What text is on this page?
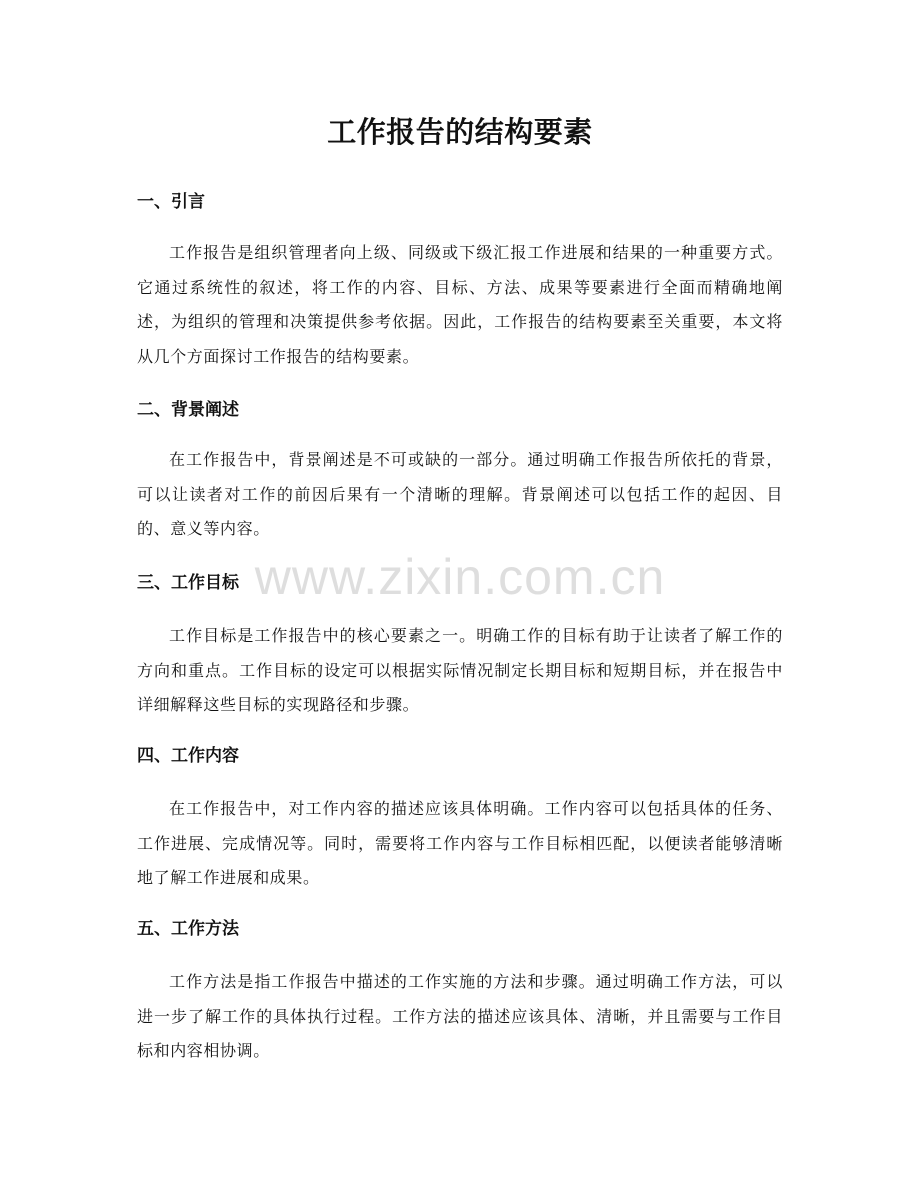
工作报告的结构要素
一、引言

工作报告是组织管理者向上级、同级或下级汇报工作进展和结果的一种重要方式。它通过系统性的叙述，将工作的内容、目标、方法、成果等要素进行全面而精确地阐述，为组织的管理和决策提供参考依据。因此，工作报告的结构要素至关重要，本文将从几个方面探讨工作报告的结构要素。

二、背景阐述

在工作报告中，背景阐述是不可或缺的一部分。通过明确工作报告所依托的背景，可以让读者对工作的前因后果有一个清晰的理解。背景阐述可以包括工作的起因、目的、意义等内容。

三、工作目标

工作目标是工作报告中的核心要素之一。明确工作的目标有助于让读者了解工作的方向和重点。工作目标的设定可以根据实际情况制定长期目标和短期目标，并在报告中详细解释这些目标的实现路径和步骤。

四、工作内容

在工作报告中，对工作内容的描述应该具体明确。工作内容可以包括具体的任务、工作进展、完成情况等。同时，需要将工作内容与工作目标相匹配，以便读者能够清晰地了解工作进展和成果。

五、工作方法

工作方法是指工作报告中描述的工作实施的方法和步骤。通过明确工作方法，可以进一步了解工作的具体执行过程。工作方法的描述应该具体、清晰，并且需要与工作目标和内容相协调。

www.zixin.com.cn
